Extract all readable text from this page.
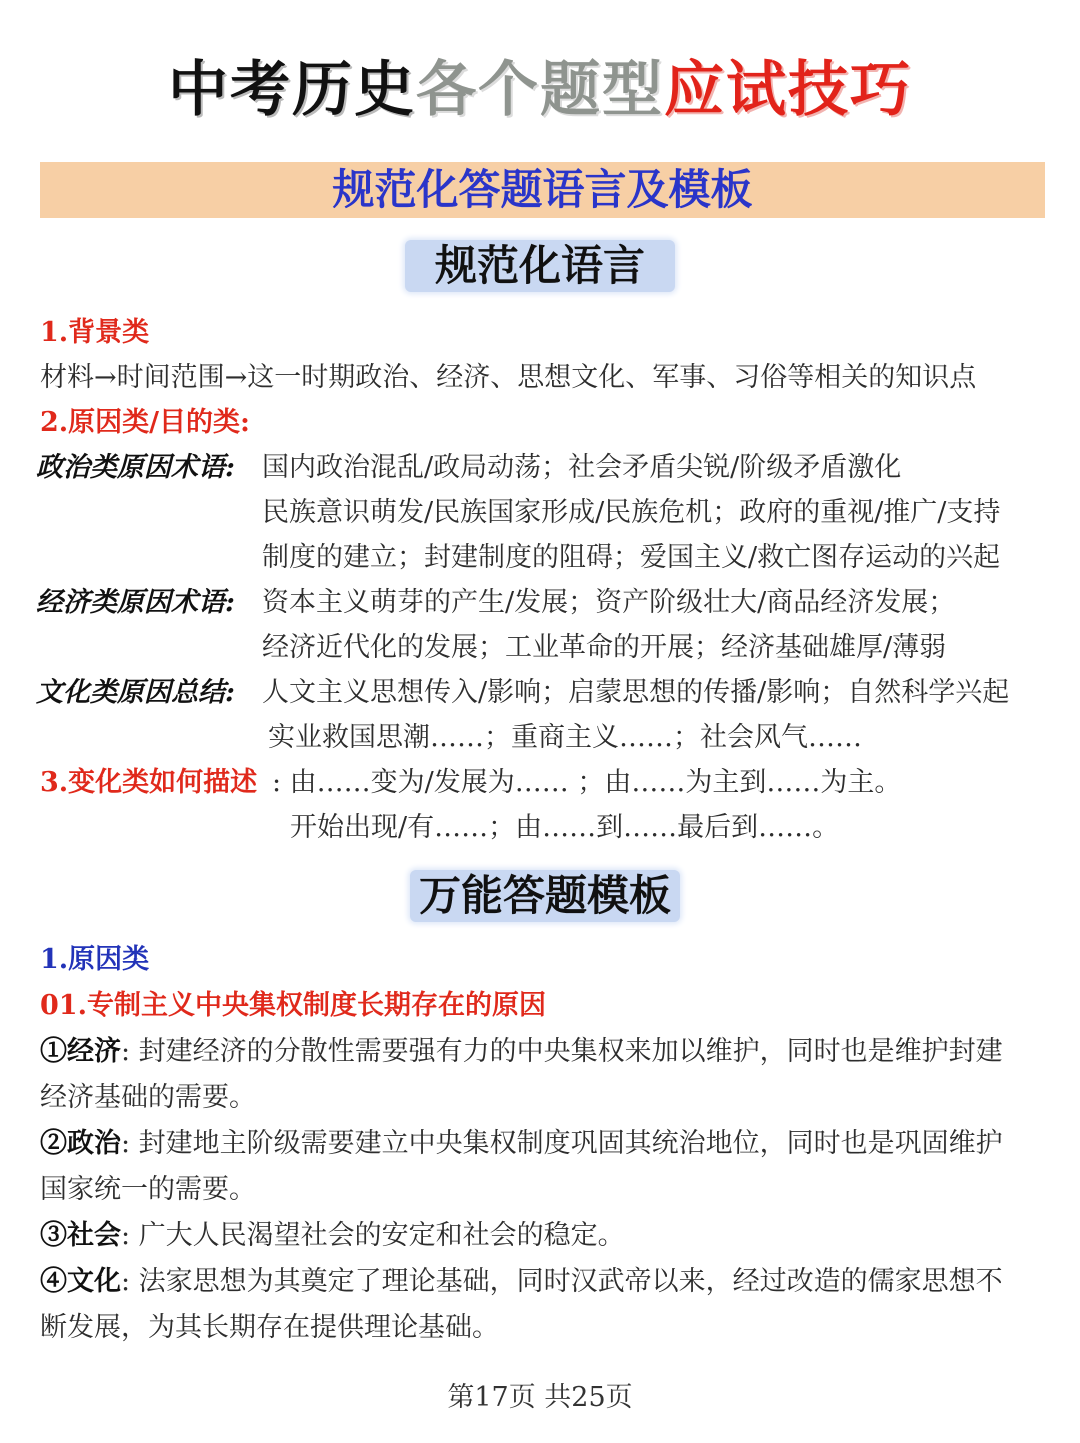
中考历史各个题型应试技巧
规范化答题语言及模板
规范化语言
1.背景类
材料→时间范围→这一时期政治、经济、思想文化、军事、习俗等相关的知识点
2.原因类/目的类:
政治类原因术语: 国内政治混乱/政局动荡；社会矛盾尖锐/阶级矛盾激化
民族意识萌发/民族国家形成/民族危机；政府的重视/推广/支持
制度的建立；封建制度的阻碍；爱国主义/救亡图存运动的兴起
经济类原因术语: 资本主义萌芽的产生/发展；资产阶级壮大/商品经济发展；
经济近代化的发展；工业革命的开展；经济基础雄厚/薄弱
文化类原因总结: 人文主义思想传入/影响；启蒙思想的传播/影响；自然科学兴起
实业救国思潮……；重商主义……；社会风气……
3.变化类如何描述 : 由……变为/发展为…… ；由……为主到……为主。
开始出现/有……；由……到……最后到……。
万能答题模板
1.原因类
01.专制主义中央集权制度长期存在的原因
①经济: 封建经济的分散性需要强有力的中央集权来加以维护，同时也是维护封建
经济基础的需要。
②政治: 封建地主阶级需要建立中央集权制度巩固其统治地位，同时也是巩固维护
国家统一的需要。
③社会: 广大人民渴望社会的安定和社会的稳定。
④文化: 法家思想为其奠定了理论基础，同时汉武帝以来，经过改造的儒家思想不
断发展，为其长期存在提供理论基础。
第17页 共25页
